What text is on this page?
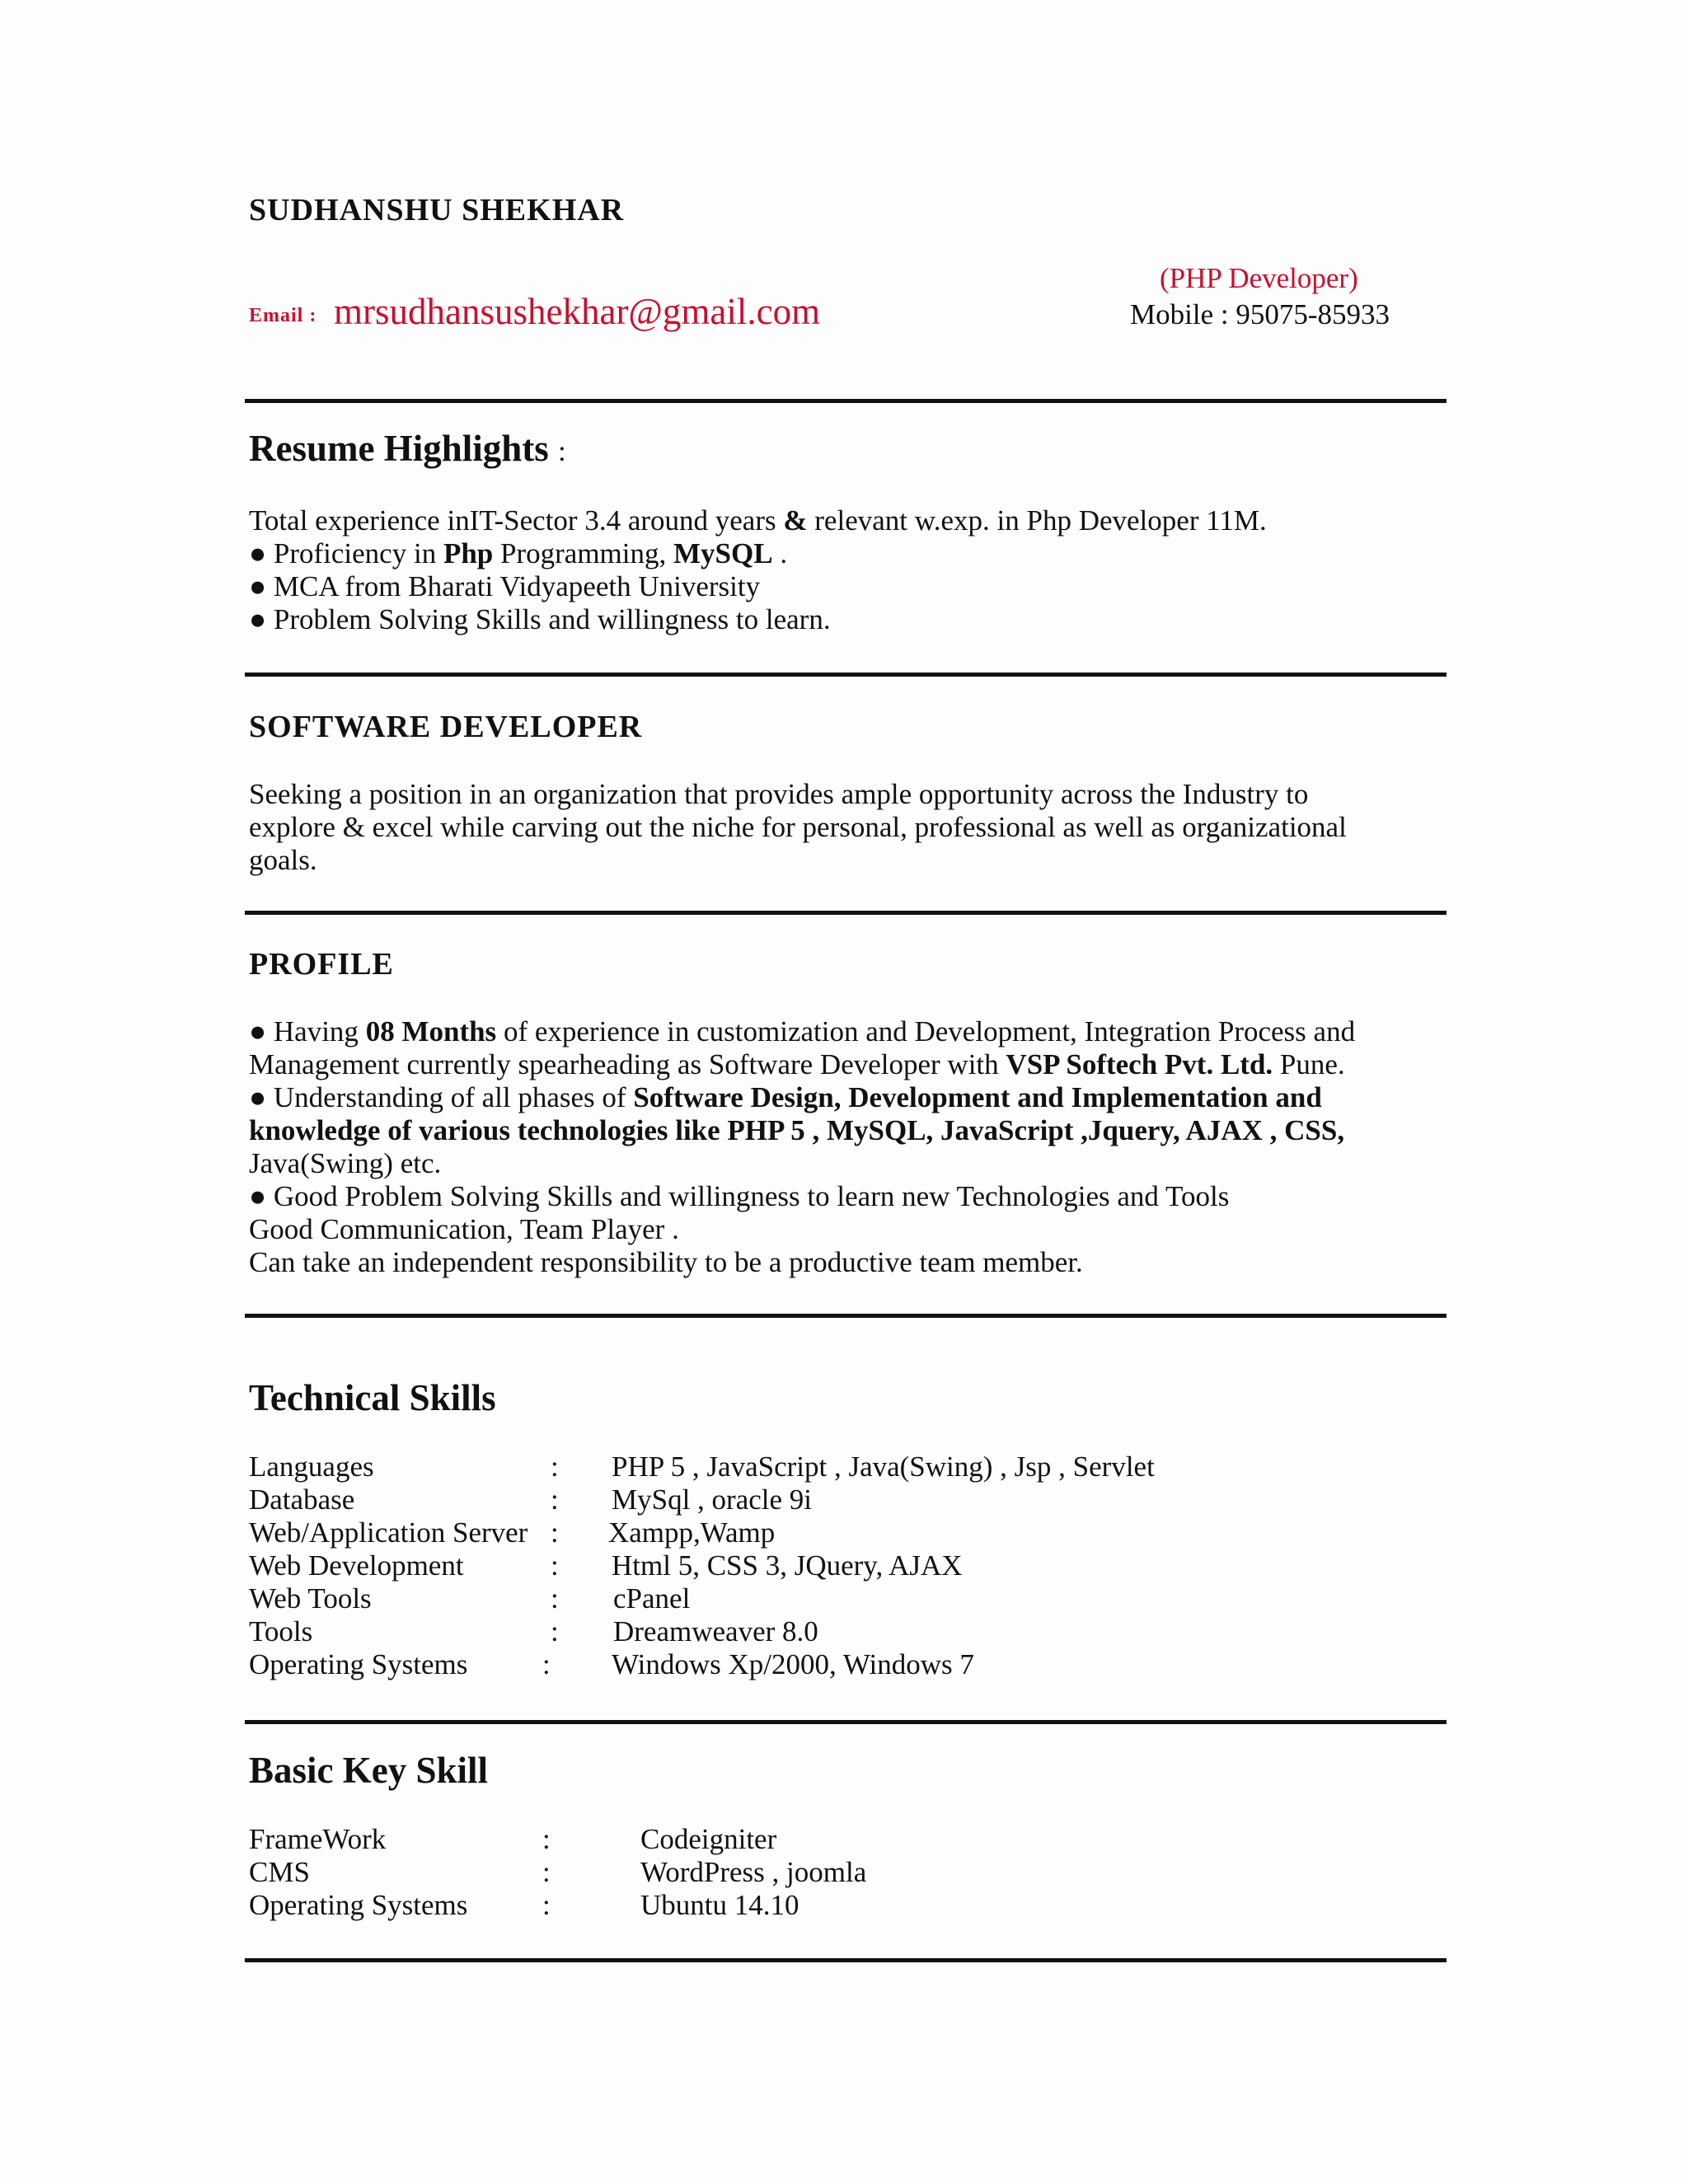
SUDHANSHU SHEKHAR
(PHP Developer)
Email : mrsudhansushekhar@gmail.com	Mobile : 95075-85933
Resume Highlights :
Total experience inIT-Sector 3.4 around years & relevant w.exp. in Php Developer 11M.
● Proficiency in Php Programming, MySQL .
● MCA from Bharati Vidyapeeth University
● Problem Solving Skills and willingness to learn.
SOFTWARE DEVELOPER
Seeking a position in an organization that provides ample opportunity across the Industry to
explore & excel while carving out the niche for personal, professional as well as organizational
goals.
PROFILE
● Having 08 Months of experience in customization and Development, Integration Process and
Management currently spearheading as Software Developer with VSP Softech Pvt. Ltd. Pune.
● Understanding of all phases of Software Design, Development and Implementation and
knowledge of various technologies like PHP 5 , MySQL, JavaScript ,Jquery, AJAX , CSS,
Java(Swing) etc.
● Good Problem Solving Skills and willingness to learn new Technologies and Tools
Good Communication, Team Player .
Can take an independent responsibility to be a productive team member.
Technical Skills
Languages	: PHP 5 , JavaScript , Java(Swing) , Jsp , Servlet
Database	: MySql , oracle 9i
Web/Application Server : Xampp,Wamp
Web Development	: Html 5, CSS 3, JQuery, AJAX
Web Tools	: cPanel
Tools	: Dreamweaver 8.0
Operating Systems	: Windows Xp/2000, Windows 7
Basic Key Skill
FrameWork	:	Codeigniter
CMS	:	WordPress , joomla
Operating Systems	:	Ubuntu 14.10
